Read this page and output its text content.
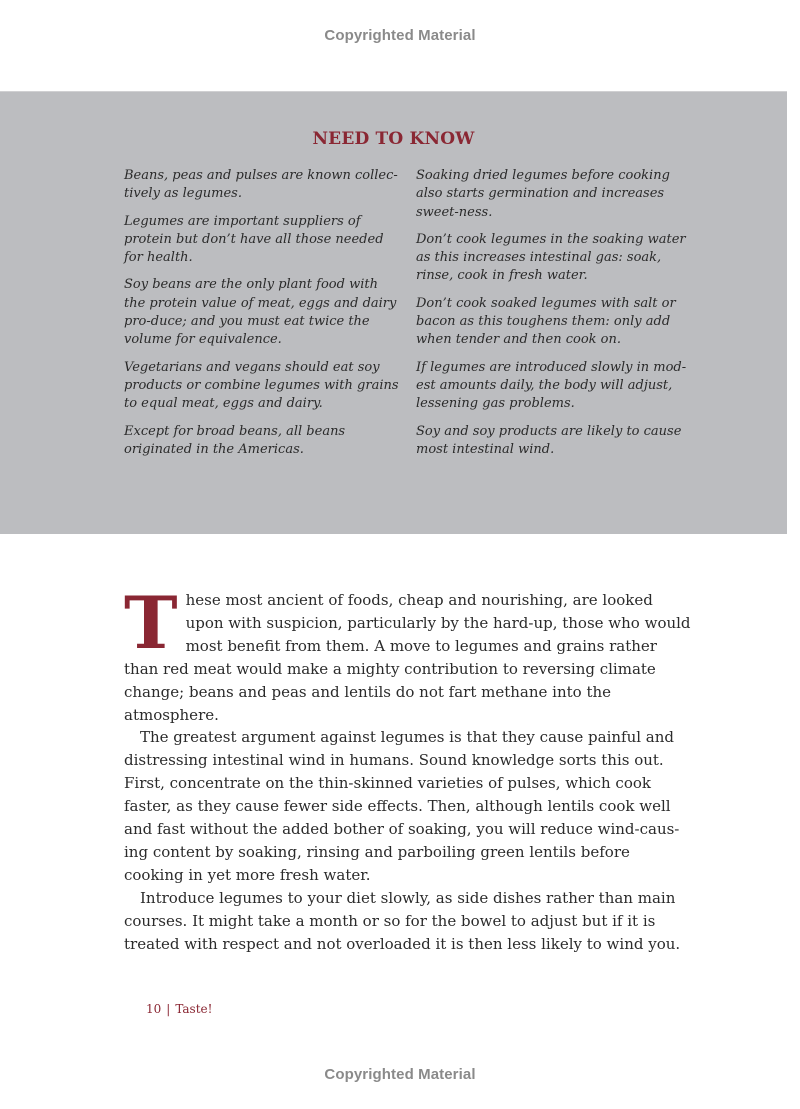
Copyrighted Material
NEED TO KNOW

Beans, peas and pulses are known collec-tively as legumes.

Legumes are important suppliers of protein but don’t have all those needed for health.

Soy beans are the only plant food with the protein value of meat, eggs and dairy pro-duce; and you must eat twice the volume for equivalence.

Vegetarians and vegans should eat soy products or combine legumes with grains to equal meat, eggs and dairy.

Except for broad beans, all beans originated in the Americas.

Soaking dried legumes before cooking also starts germination and increases sweet-ness.

Don’t cook legumes in the soaking water as this increases intestinal gas: soak, rinse, cook in fresh water.

Don’t cook soaked legumes with salt or bacon as this toughens them: only add when tender and then cook on.

If legumes are introduced slowly in mod-est amounts daily, the body will adjust, lessening gas problems.

Soy and soy products are likely to cause most intestinal wind.

These most ancient of foods, cheap and nourishing, are looked upon with suspicion, particularly by the hard-up, those who would most benefit from them. A move to legumes and grains rather than red meat would make a mighty contribution to reversing climate change; beans and peas and lentils do not fart methane into the atmosphere.

The greatest argument against legumes is that they cause painful and distressing intestinal wind in humans. Sound knowledge sorts this out. First, concentrate on the thin-skinned varieties of pulses, which cook faster, as they cause fewer side effects. Then, although lentils cook well and fast without the added bother of soaking, you will reduce wind-caus-ing content by soaking, rinsing and parboiling green lentils before cooking in yet more fresh water.

Introduce legumes to your diet slowly, as side dishes rather than main courses. It might take a month or so for the bowel to adjust but if it is treated with respect and not overloaded it is then less likely to wind you.

10 | Taste!
Copyrighted Material
